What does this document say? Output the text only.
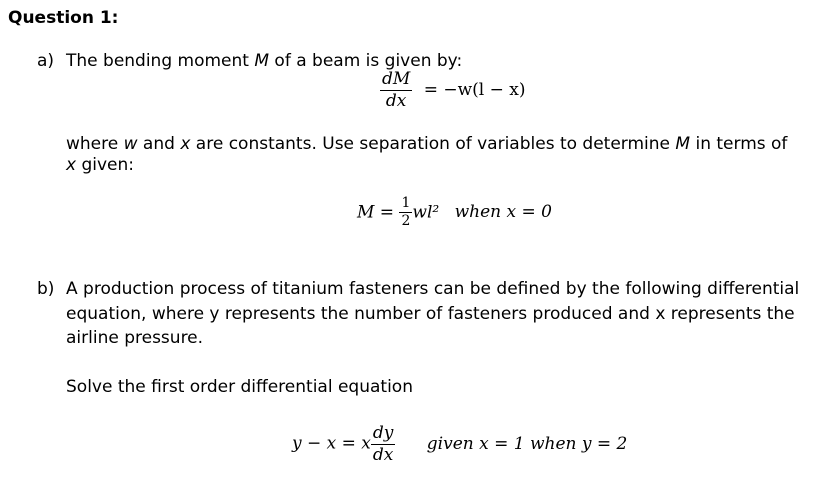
Question 1:
a) The bending moment M of a beam is given by:
$\frac{dM}{dx} = -w(l - x)$
where w and x are constants. Use separation of variables to determine M in terms of
x given:
$M = \frac{1}{2} wl^2$ when x = 0
b) A production process of titanium fasteners can be defined by the following differential
equation, where y represents the number of fasteners produced and x represents the
airline pressure.
Solve the first order differential equation
y − x = x $\frac{dy}{dx}$ given x = 1 when y = 2
